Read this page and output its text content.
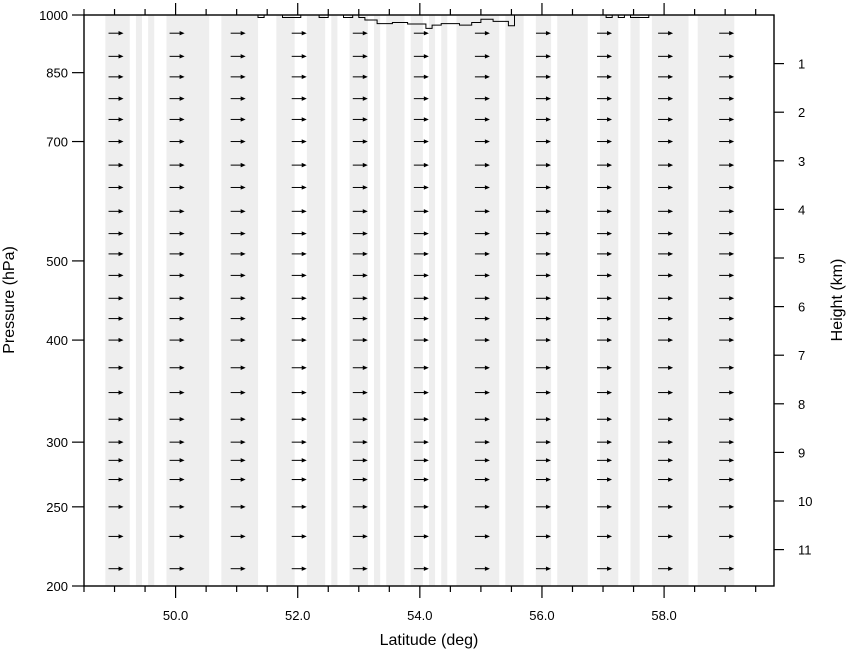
50.0	52.0	54.0	56.0	58.0
200
250
300
400
500
700
850
1000
1
2
3
4
5
6
7
8
9
10
11
Latitude (deg)
Pressure (hPa)	Height (km)
